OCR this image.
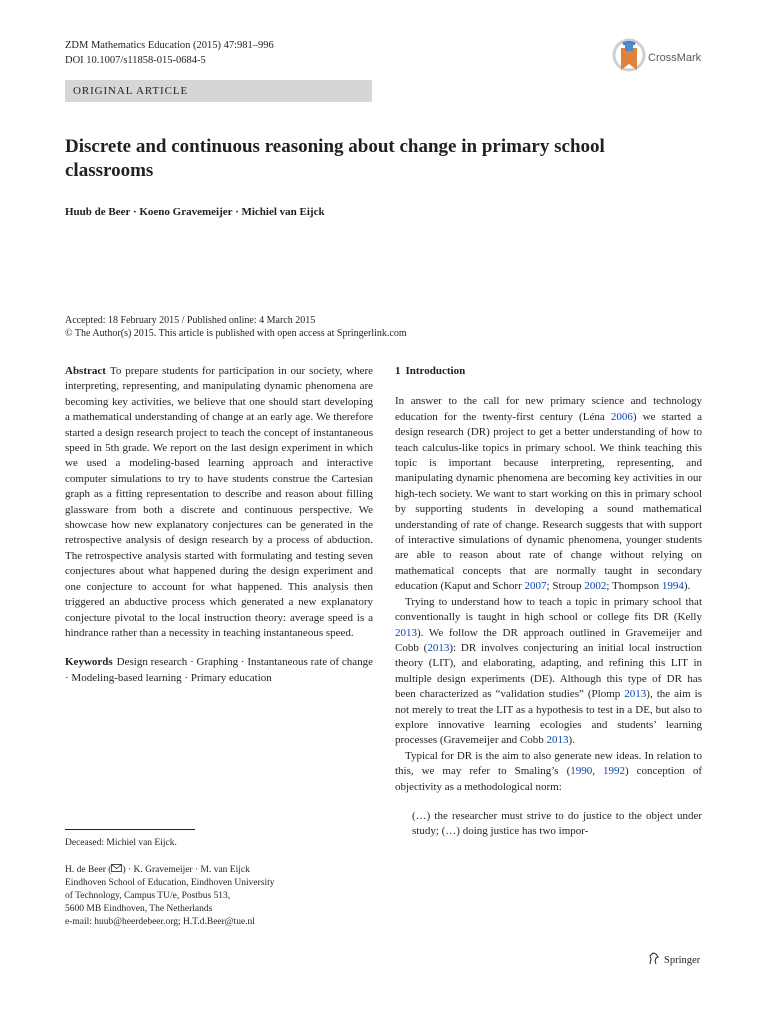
ZDM Mathematics Education (2015) 47:981–996
DOI 10.1007/s11858-015-0684-5
ORIGINAL ARTICLE
CrossMark
Discrete and continuous reasoning about change in primary school classrooms
Huub de Beer · Koeno Gravemeijer · Michiel van Eijck
Accepted: 18 February 2015 / Published online: 4 March 2015
© The Author(s) 2015. This article is published with open access at Springerlink.com

Abstract To prepare students for participation in our society, where interpreting, representing, and manipulating dynamic phenomena are becoming key activities, we believe that one should start developing a mathematical understanding of change at an early age. We therefore started a design research project to teach the concept of instantaneous speed in 5th grade. We report on the last design experiment in which we used a modeling-based learning approach and interactive computer simulations to try to have students construe the Cartesian graph as a fitting representation to describe and reason about filling glassware from both a discrete and continuous perspective. We showcase how new explanatory conjectures can be generated in the retrospective analysis of design research by a process of abduction. The retrospective analysis started with formulating and testing seven conjectures about what happened during the design experiment and one conjecture to account for what happened. This analysis then triggered an abductive process which generated a new explanatory conjecture pivotal to the local instruction theory: average speed is a hindrance rather than a necessity in teaching instantaneous speed.

Keywords Design research · Graphing · Instantaneous rate of change · Modeling-based learning · Primary education

Deceased: Michiel van Eijck.
H. de Beer ( ) · K. Gravemeijer · M. van Eijck
Eindhoven School of Education, Eindhoven University
of Technology, Campus TU/e, Postbus 513,
5600 MB Eindhoven, The Netherlands
e-mail: huub@heerdebeer.org; H.T.d.Beer@tue.nl
1 Introduction

In answer to the call for new primary science and technology education for the twenty-first century (Léna 2006) we started a design research (DR) project to get a better understanding of how to teach calculus-like topics in primary school. We think teaching this topic is important because interpreting, representing, and manipulating dynamic phenomena are becoming key activities in our high-tech society. We want to start working on this in primary school by supporting students in developing a sound mathematical understanding of rate of change. Research suggests that with support of interactive simulations of dynamic phenomena, younger students are able to reason about rate of change without relying on mathematical concepts that are normally taught in secondary education (Kaput and Schorr 2007; Stroup 2002; Thompson 1994).

Trying to understand how to teach a topic in primary school that conventionally is taught in high school or college fits DR (Kelly 2013). We follow the DR approach outlined in Gravemeijer and Cobb (2013): DR involves conjecturing an initial local instruction theory (LIT), and elaborating, adapting, and refining this LIT in multiple design experiments (DE). Although this type of DR has been characterized as “validation studies” (Plomp 2013), the aim is not merely to treat the LIT as a hypothesis to test in a DE, but also to explore innovative learning ecologies and students’ learning processes (Gravemeijer and Cobb 2013).

Typical for DR is the aim to also generate new ideas. In relation to this, we may refer to Smaling’s (1990, 1992) conception of objectivity as a methodological norm:

(…) the researcher must strive to do justice to the object under study; (…) doing justice has two impor-

Springer
